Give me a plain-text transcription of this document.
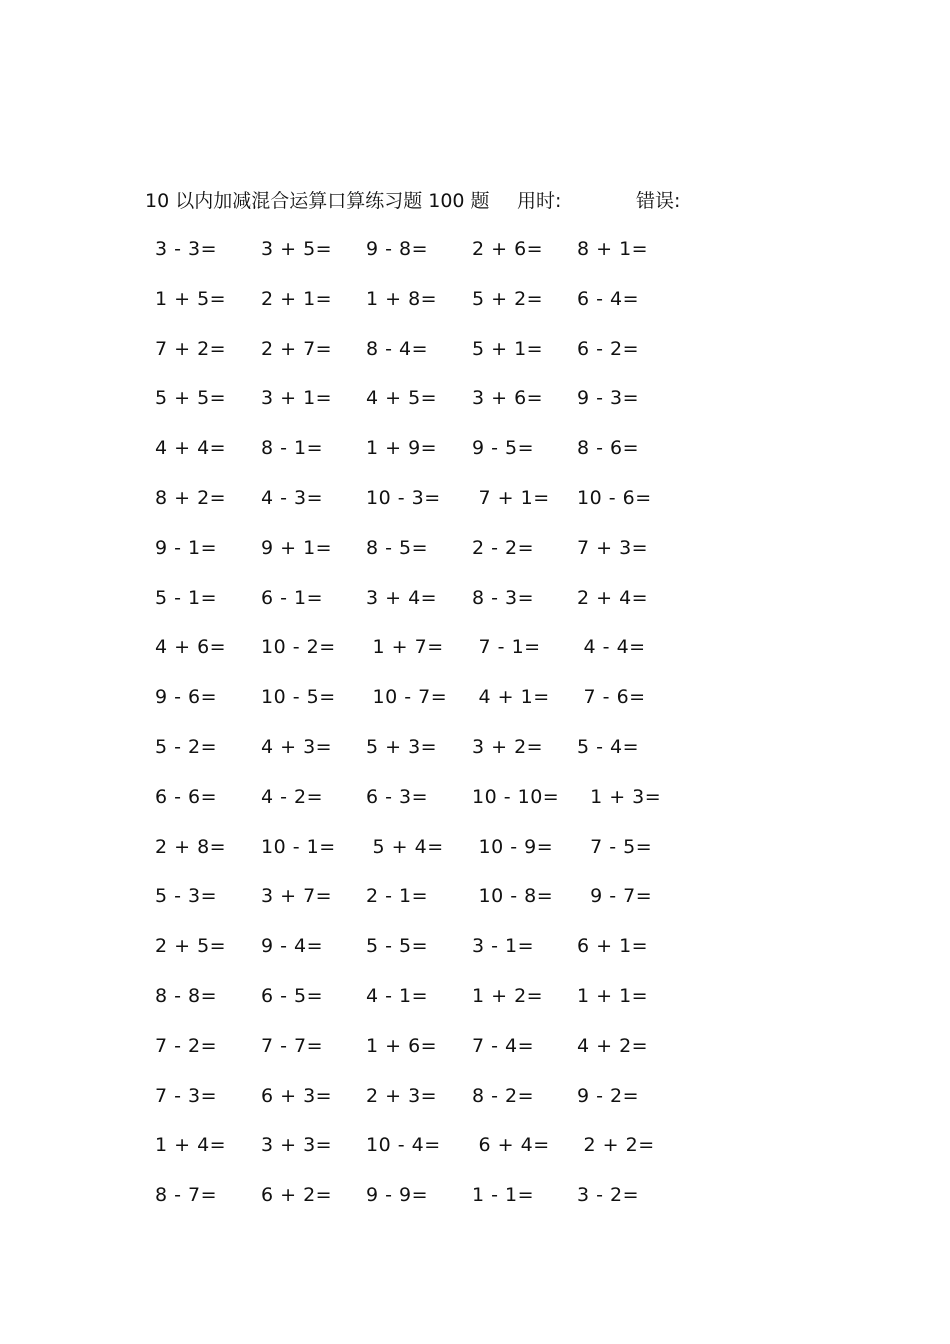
10 以内加减混合运算口算练习题 100 题 用时:	错误:
3 - 3= 3 + 5= 9 - 8= 2 + 6= 8 + 1=
1 + 5= 2 + 1= 1 + 8= 5 + 2= 6 - 4=
7 + 2= 2 + 7= 8 - 4= 5 + 1= 6 - 2=
5 + 5= 3 + 1= 4 + 5= 3 + 6= 9 - 3=
4 + 4= 8 - 1= 1 + 9= 9 - 5= 8 - 6=
8 + 2= 4 - 3= 10 - 3= 7 + 1= 10 - 6=
9 - 1= 9 + 1= 8 - 5= 2 - 2= 7 + 3=
5 - 1= 6 - 1= 3 + 4= 8 - 3= 2 + 4=
4 + 6= 10 - 2= 1 + 7= 7 - 1= 4 - 4=
9 - 6= 10 - 5= 10 - 7= 4 + 1= 7 - 6=
5 - 2= 4 + 3= 5 + 3= 3 + 2= 5 - 4=
6 - 6= 4 - 2= 6 - 3= 10 - 10= 1 + 3=
2 + 8= 10 - 1= 5 + 4= 10 - 9= 7 - 5=
5 - 3= 3 + 7= 2 - 1= 10 - 8= 9 - 7=
2 + 5= 9 - 4= 5 - 5= 3 - 1= 6 + 1=
8 - 8= 6 - 5= 4 - 1= 1 + 2= 1 + 1=
7 - 2= 7 - 7= 1 + 6= 7 - 4= 4 + 2=
7 - 3= 6 + 3= 2 + 3= 8 - 2= 9 - 2=
1 + 4= 3 + 3= 10 - 4= 6 + 4= 2 + 2=
8 - 7= 6 + 2= 9 - 9= 1 - 1= 3 - 2=
